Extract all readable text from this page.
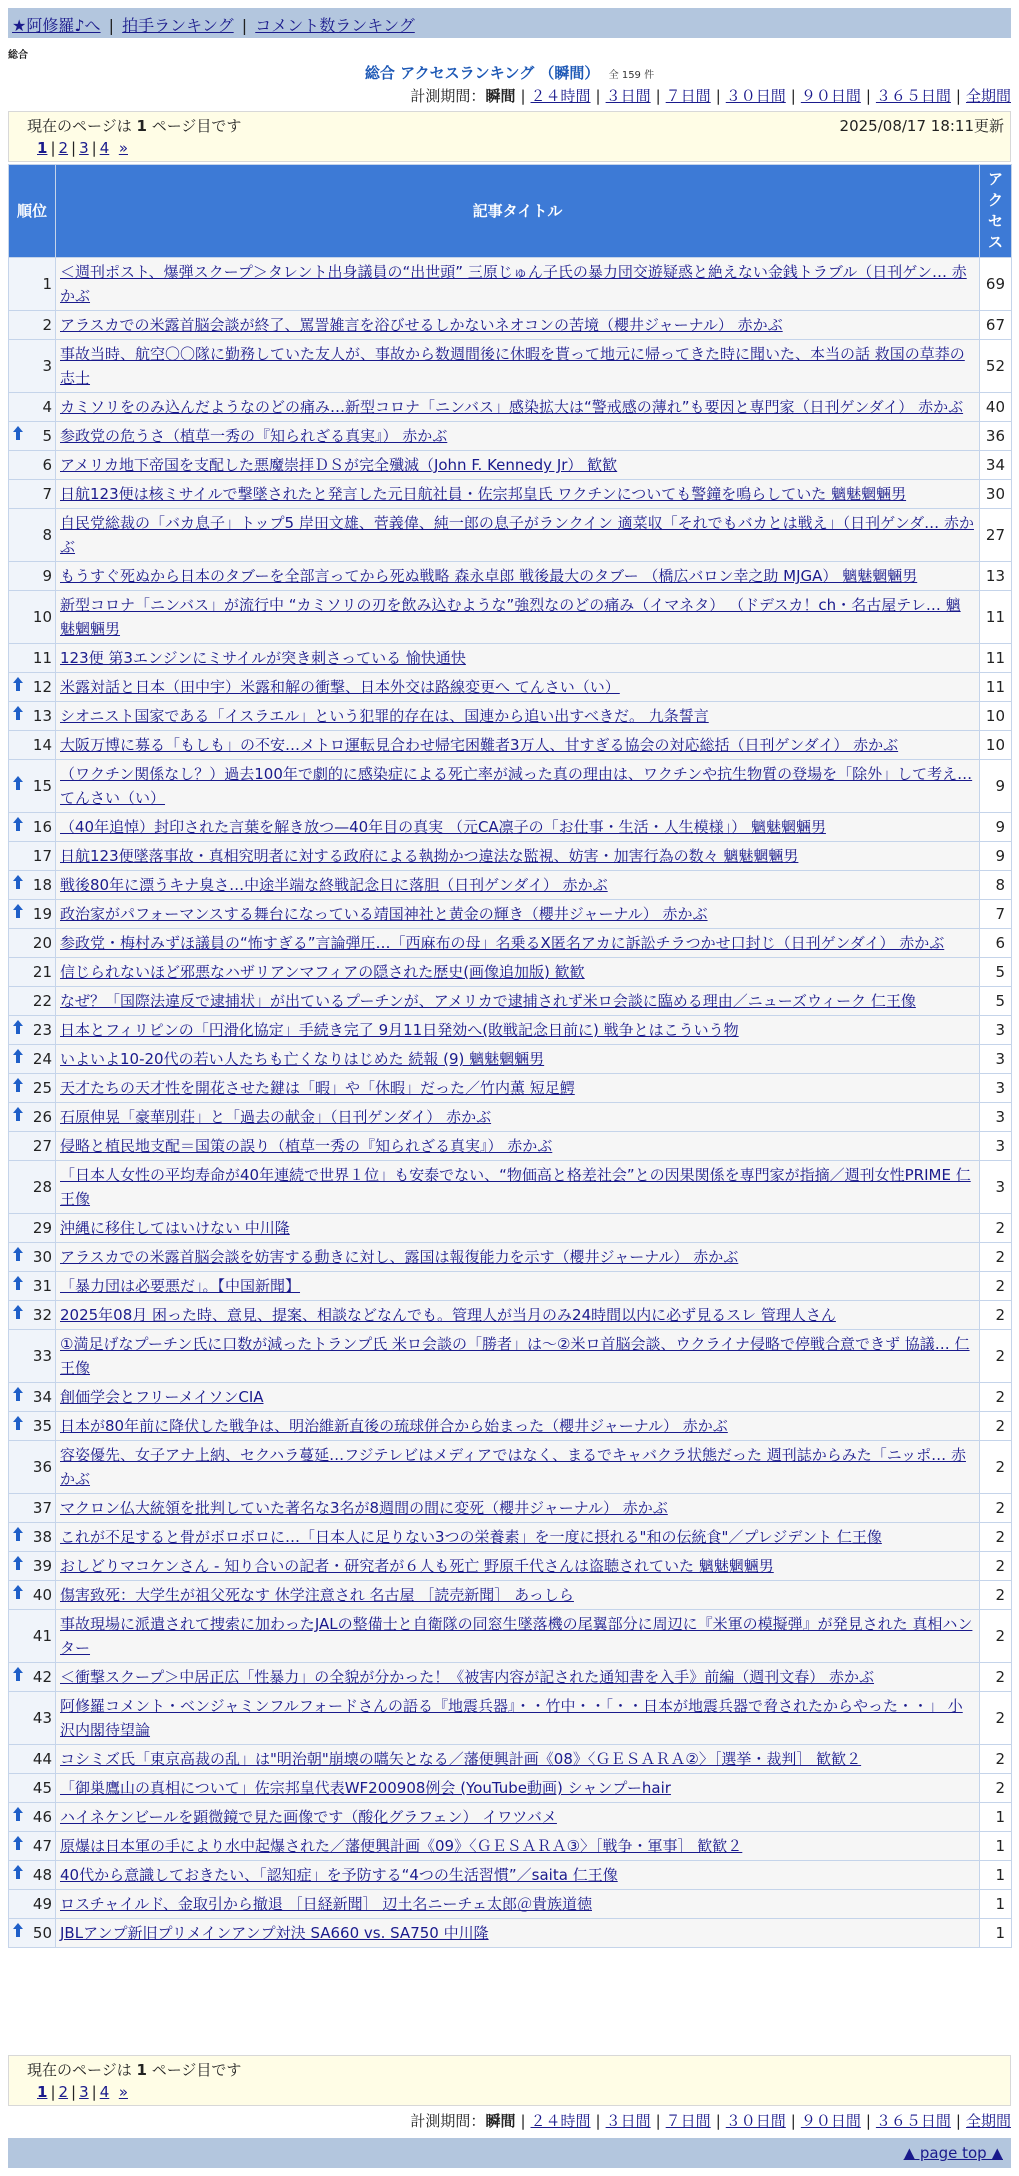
★阿修羅♪へ | 拍手ランキング | コメント数ランキング
総合
総合 アクセスランキング （瞬間） 全 159 件
計測期間：瞬間 | ２４時間 | ３日間 | ７日間 | ３０日間 | ９０日間 | ３６５日間 | 全期間
現在のページは 1 ページ目です
1 | 2 | 3 | 4 »
2025/08/17 18:11更新
順位	記事タイトル	アクセス
1	＜週刊ポスト、爆弾スクープ＞タレント出身議員の“出世頭” 三原じゅん子氏の暴力団交遊疑惑と絶えない金銭トラブル（日刊ゲン… 赤かぶ	69
2	アラスカでの米露首脳会談が終了、罵詈雑言を浴びせるしかないネオコンの苦境（櫻井ジャーナル） 赤かぶ	67
3	事故当時、航空〇〇隊に勤務していた友人が、事故から数週間後に休暇を貰って地元に帰ってきた時に聞いた、本当の話 救国の草莽の志士	52
4	カミソリをのみ込んだようなのどの痛み…新型コロナ「ニンバス」感染拡大は“警戒感の薄れ”も要因と専門家（日刊ゲンダイ） 赤かぶ	40

5	参政党の危うさ（植草一秀の『知られざる真実』） 赤かぶ	36
6	アメリカ地下帝国を支配した悪魔崇拝ＤＳが完全殲滅（John F. Kennedy Jr） 歓歓	34
7	日航123便は核ミサイルで撃墜されたと発言した元日航社員・佐宗邦皇氏 ワクチンについても警鐘を鳴らしていた 魑魅魍魎男	30
8	自民党総裁の「バカ息子」トップ5 岸田文雄、菅義偉、純一郎の息子がランクイン 適菜収「それでもバカとは戦え」（日刊ゲンダ… 赤かぶ	27
9	もうすぐ死ぬから日本のタブーを全部言ってから死ぬ戦略 森永卓郎 戦後最大のタブー （橋広バロン幸之助 MJGA） 魑魅魍魎男	13
10	新型コロナ「ニンバス」が流行中 “カミソリの刃を飲み込むような”強烈なのどの痛み（イマネタ） （ドデスカ！ch・名古屋テレ… 魑魅魍魎男	11
11	123便 第3エンジンにミサイルが突き刺さっている 愉快通快	11

12	米露対話と日本（田中宇）米露和解の衝撃、日本外交は路線変更へ てんさい（い）	11

13	シオニスト国家である「イスラエル」という犯罪的存在は、国連から追い出すべきだ。 九条誓言	10
14	大阪万博に募る「もしも」の不安…メトロ運転見合わせ帰宅困難者3万人、甘すぎる協会の対応総括（日刊ゲンダイ） 赤かぶ	10

15	（ワクチン関係なし？）過去100年で劇的に感染症による死亡率が減った真の理由は、ワクチンや抗生物質の登場を「除外」して考え… てんさい（い）	9

16	（40年追悼）封印された言葉を解き放つ—40年目の真実 （元CA凛子の「お仕事・生活・人生模様」） 魑魅魍魎男	9
17	日航123便墜落事故・真相究明者に対する政府による執拗かつ違法な監視、妨害・加害行為の数々 魑魅魍魎男	9

18	戦後80年に漂うキナ臭さ…中途半端な終戦記念日に落胆（日刊ゲンダイ） 赤かぶ	8

19	政治家がパフォーマンスする舞台になっている靖国神社と黄金の輝き（櫻井ジャーナル） 赤かぶ	7
20	参政党・梅村みずほ議員の“怖すぎる”言論弾圧…「西麻布の母」名乗るX匿名アカに訴訟チラつかせ口封じ（日刊ゲンダイ） 赤かぶ	6
21	信じられないほど邪悪なハザリアンマフィアの隠された歴史(画像追加版) 歓歓	5
22	なぜ？「国際法違反で逮捕状」が出ているプーチンが、アメリカで逮捕されず米ロ会談に臨める理由／ニューズウィーク 仁王像	5

23	日本とフィリピンの「円滑化協定」手続き完了 9月11日発効へ(敗戦記念日前に) 戦争とはこういう物	3

24	いよいよ10-20代の若い人たちも亡くなりはじめた 続報 (9) 魑魅魍魎男	3

25	天才たちの天才性を開花させた鍵は「暇」や「休暇」だった／竹内薫 短足鰐	3

26	石原伸晃「豪華別荘」と「過去の献金」（日刊ゲンダイ） 赤かぶ	3
27	侵略と植民地支配＝国策の誤り（植草一秀の『知られざる真実』） 赤かぶ	3
28	「日本人女性の平均寿命が40年連続で世界１位」も安泰でない、“物価高と格差社会”との因果関係を専門家が指摘／週刊女性PRIME 仁王像	3
29	沖縄に移住してはいけない 中川隆	2

30	アラスカでの米露首脳会談を妨害する動きに対し、露国は報復能力を示す（櫻井ジャーナル） 赤かぶ	2

31	「暴力団は必要悪だ」。【中国新聞】	2

32	2025年08月 困った時、意見、提案、相談などなんでも。管理人が当月のみ24時間以内に必ず見るスレ 管理人さん	2
33	①満足げなプーチン氏に口数が減ったトランプ氏 米ロ会談の「勝者」は～②米ロ首脳会談、ウクライナ侵略で停戦合意できず 協議… 仁王像	2

34	創価学会とフリーメイソンCIA	2

35	日本が80年前に降伏した戦争は、明治維新直後の琉球併合から始まった（櫻井ジャーナル） 赤かぶ	2
36	容姿優先、女子アナ上納、セクハラ蔓延…フジテレビはメディアではなく、まるでキャバクラ状態だった 週刊誌からみた「ニッポ… 赤かぶ	2
37	マクロン仏大統領を批判していた著名な3名が8週間の間に変死（櫻井ジャーナル） 赤かぶ	2

38	これが不足すると骨がボロボロに…「日本人に足りない3つの栄養素」を一度に摂れる"和の伝統食"／プレジデント 仁王像	2

39	おしどりマコケンさん - 知り合いの記者・研究者が６人も死亡 野原千代さんは盗聴されていた 魑魅魍魎男	2

40	傷害致死：大学生が祖父死なす 休学注意され 名古屋 ［読売新聞］ あっしら	2
41	事故現場に派遣されて捜索に加わったJALの整備士と自衛隊の同窓生墜落機の尾翼部分に周辺に『米軍の模擬弾』が発見された 真相ハンター	2

42	＜衝撃スクープ＞中居正広「性暴力」の全貌が分かった！《被害内容が記された通知書を入手》前編（週刊文春） 赤かぶ	2
43	阿修羅コメント・ベンジャミンフルフォードさんの語る『地震兵器』・・竹中・・「・・日本が地震兵器で脅されたからやった・・」 小沢内閣待望論	2
44	コシミズ氏「東京高裁の乱」は"明治朝"崩壊の嚆矢となる／藩便興計画《08》〈ＧＥＳＡＲＡ②〉［選挙・裁判］ 歓歓２	2
45	「御巣鷹山の真相について」佐宗邦皇代表WF200908例会 (YouTube動画) シャンプーhair	2

46	ハイネケンビールを顕微鏡で見た画像です（酸化グラフェン） イワツバメ	1

47	原爆は日本軍の手により水中起爆された／藩便興計画《09》〈ＧＥＳＡＲＡ③〉［戦争・軍事］ 歓歓２	1

48	40代から意識しておきたい、「認知症」を予防する“4つの生活習慣”／saita 仁王像	1
49	ロスチャイルド、金取引から撤退 ［日経新聞］ 辺土名ニーチェ太郎＠貴族道徳	1

50	JBLアンプ新旧プリメインアンプ対決 SA660 vs. SA750 中川隆	1
現在のページは 1 ページ目です
1 | 2 | 3 | 4 »
計測期間：瞬間 | ２４時間 | ３日間 | ７日間 | ３０日間 | ９０日間 | ３６５日間 | 全期間
▲ page top ▲
